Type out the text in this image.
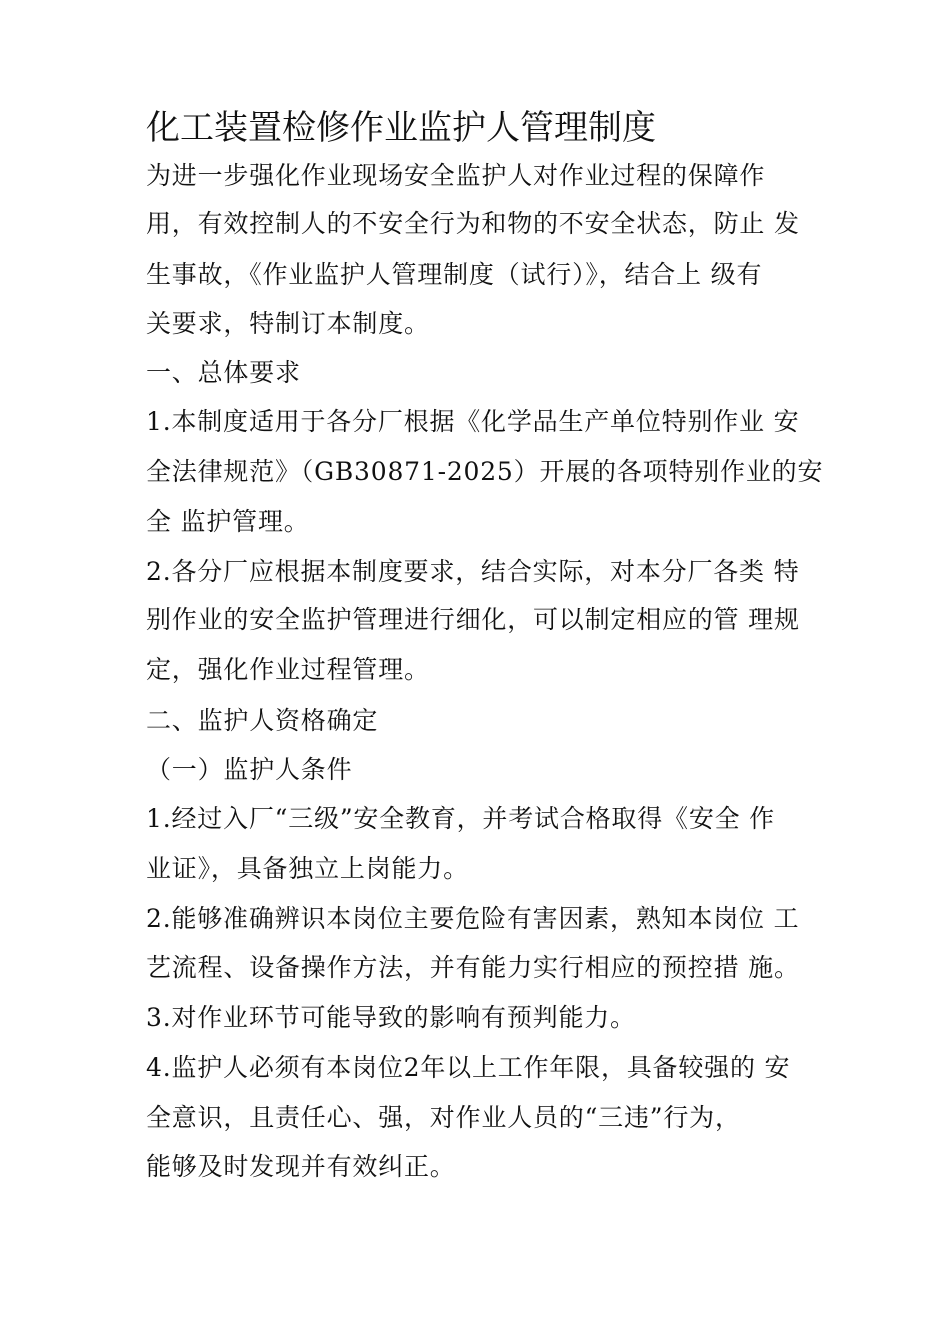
化工装置检修作业监护人管理制度
为进一步强化作业现场安全监护人对作业过程的保障作
用，有效控制人的不安全行为和物的不安全状态，防止 发
生事故，《作业监护人管理制度（试行）》，结合上 级有
关要求，特制订本制度。
一、总体要求
1.本制度适用于各分厂根据《化学品生产单位特别作业 安
全法律规范》（GB30871-2025）开展的各项特别作业的安
全 监护管理。
2.各分厂应根据本制度要求，结合实际，对本分厂各类 特
别作业的安全监护管理进行细化，可以制定相应的管 理规
定，强化作业过程管理。
二、监护人资格确定
（一）监护人条件
1.经过入厂“三级”安全教育，并考试合格取得《安全 作
业证》，具备独立上岗能力。
2.能够准确辨识本岗位主要危险有害因素，熟知本岗位 工
艺流程、设备操作方法，并有能力实行相应的预控措 施。
3.对作业环节可能导致的影响有预判能力。
4.监护人必须有本岗位2年以上工作年限，具备较强的 安
全意识，且责任心、强，对作业人员的“三违”行为，
能够及时发现并有效纠正。
